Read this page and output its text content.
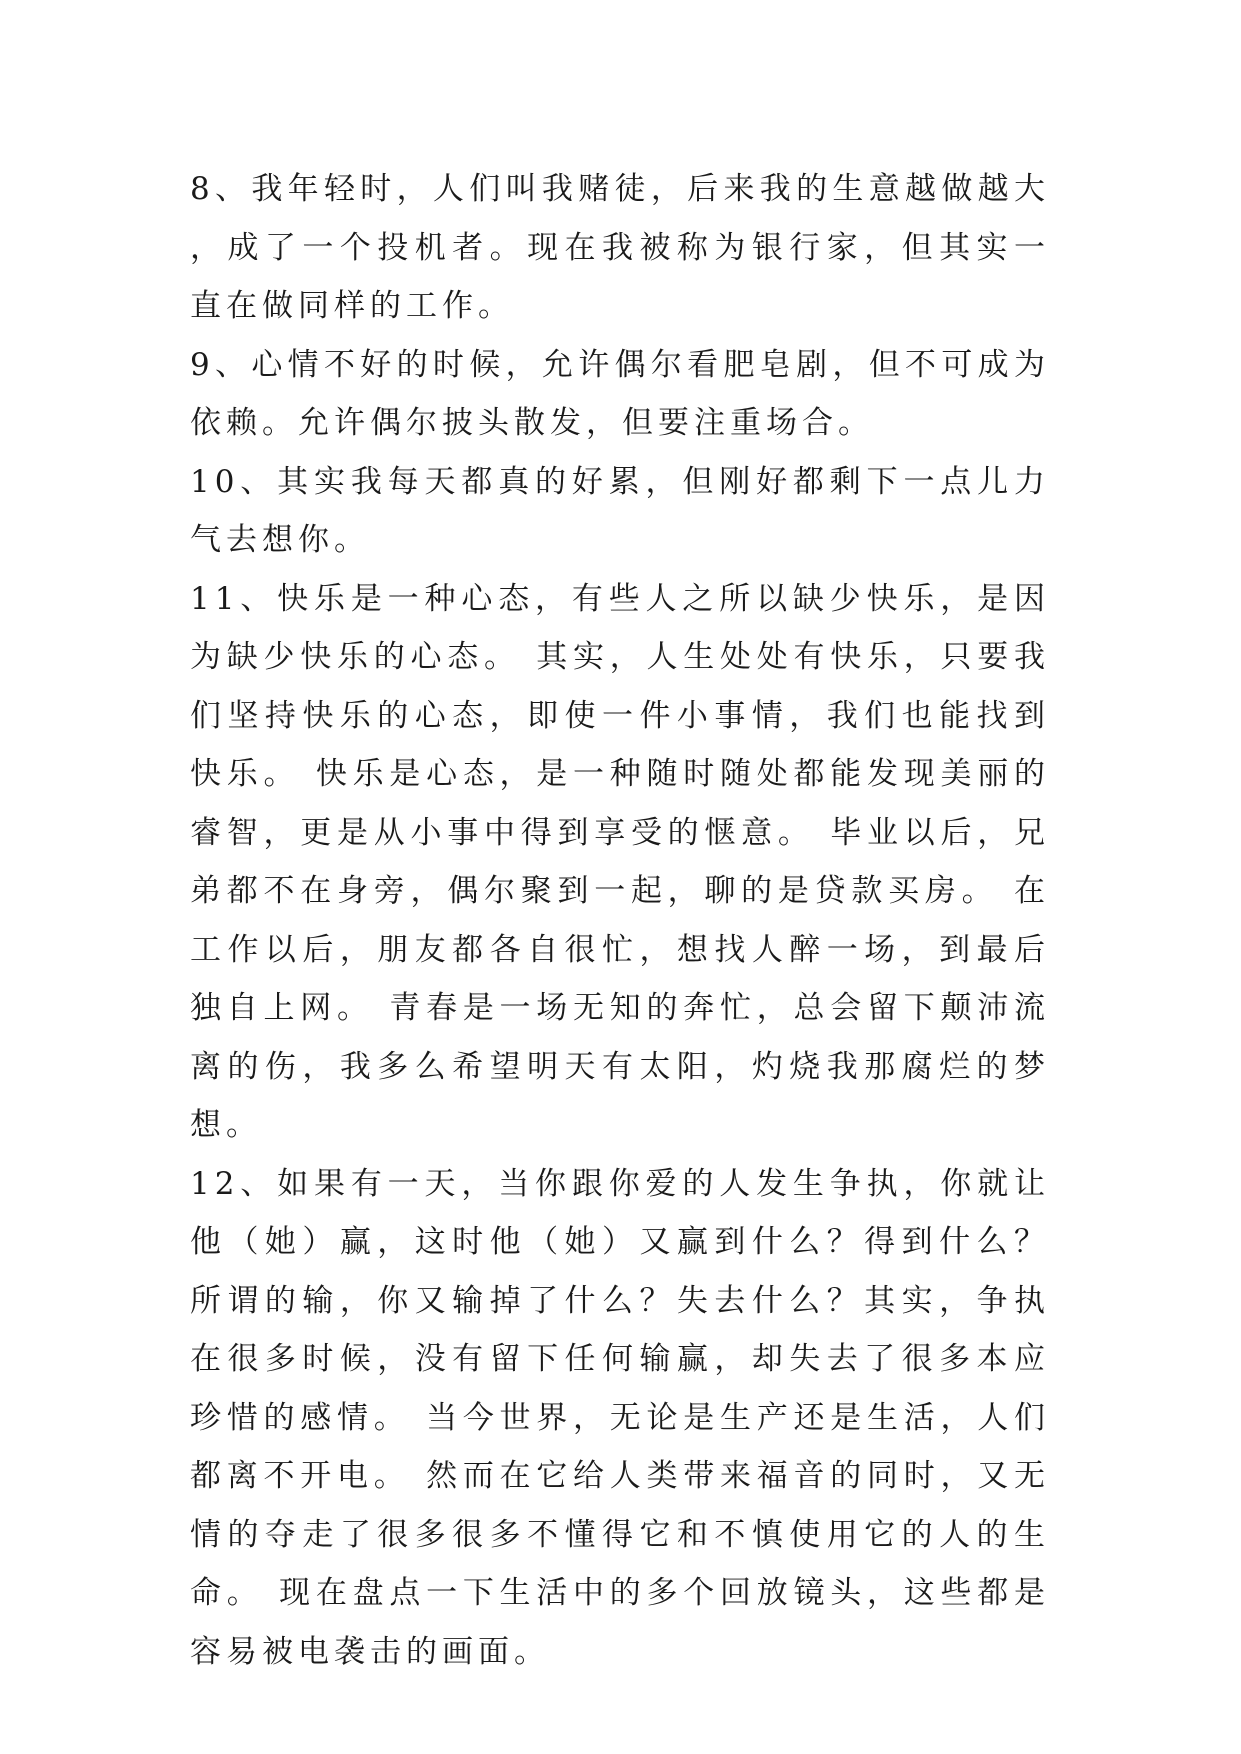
8、我年轻时，人们叫我赌徒，后来我的生意越做越大，成了一个投机者。现在我被称为银行家，但其实一直在做同样的工作。

9、心情不好的时候，允许偶尔看肥皂剧，但不可成为依赖。允许偶尔披头散发，但要注重场合。

10、其实我每天都真的好累，但刚好都剩下一点儿力气去想你。

11、快乐是一种心态，有些人之所以缺少快乐，是因为缺少快乐的心态。 其实，人生处处有快乐，只要我们坚持快乐的心态，即使一件小事情，我们也能找到快乐。 快乐是心态，是一种随时随处都能发现美丽的睿智，更是从小事中得到享受的惬意。 毕业以后，兄弟都不在身旁，偶尔聚到一起，聊的是贷款买房。 在工作以后，朋友都各自很忙，想找人醉一场，到最后独自上网。 青春是一场无知的奔忙，总会留下颠沛流离的伤，我多么希望明天有太阳，灼烧我那腐烂的梦想。

12、如果有一天，当你跟你爱的人发生争执，你就让他（她）赢，这时他（她）又赢到什么？得到什么？所谓的输，你又输掉了什么？失去什么？其实，争执在很多时候，没有留下任何输赢，却失去了很多本应珍惜的感情。 当今世界，无论是生产还是生活，人们都离不开电。 然而在它给人类带来福音的同时，又无情的夺走了很多很多不懂得它和不慎使用它的人的生命。 现在盘点一下生活中的多个回放镜头，这些都是容易被电袭击的画面。
